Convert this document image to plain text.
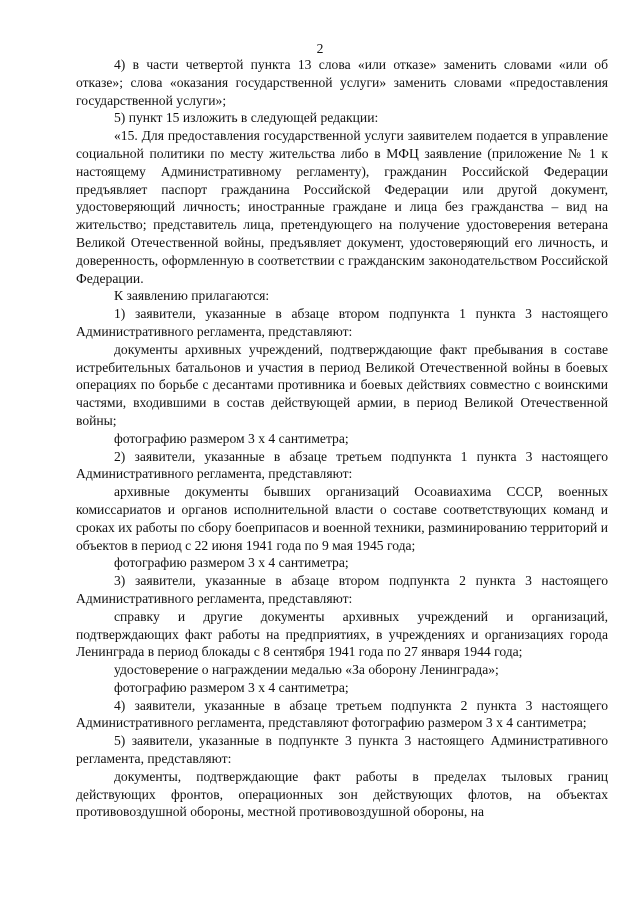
2

4) в части четвертой пункта 13 слова «или отказе» заменить словами «или об отказе»; слова «оказания государственной услуги» заменить словами «предоставления государственной услуги»;

5) пункт 15 изложить в следующей редакции:

«15. Для предоставления государственной услуги заявителем подается в управление социальной политики по месту жительства либо в МФЦ заявление (приложение № 1 к настоящему Административному регламенту), гражданин Российской Федерации предъявляет паспорт гражданина Российской Федерации или другой документ, удостоверяющий личность; иностранные граждане и лица без гражданства – вид на жительство; представитель лица, претендующего на получение удостоверения ветерана Великой Отечественной войны, предъявляет документ, удостоверяющий его личность, и доверенность, оформленную в соответствии с гражданским законодательством Российской Федерации.

К заявлению прилагаются:

1) заявители, указанные в абзаце втором подпункта 1 пункта 3 настоящего Административного регламента, представляют:

документы архивных учреждений, подтверждающие факт пребывания в составе истребительных батальонов и участия в период Великой Отечественной войны в боевых операциях по борьбе с десантами противника и боевых действиях совместно с воинскими частями, входившими в состав действующей армии, в период Великой Отечественной войны;

фотографию размером 3 х 4 сантиметра;

2) заявители, указанные в абзаце третьем подпункта 1 пункта 3 настоящего Административного регламента, представляют:

архивные документы бывших организаций Осоавиахима СССР, военных комиссариатов и органов исполнительной власти о составе соответствующих команд и сроках их работы по сбору боеприпасов и военной техники, разминированию территорий и объектов в период с 22 июня 1941 года по 9 мая 1945 года;

фотографию размером 3 х 4 сантиметра;

3) заявители, указанные в абзаце втором подпункта 2 пункта 3 настоящего Административного регламента, представляют:

справку и другие документы архивных учреждений и организаций, подтверждающих факт работы на предприятиях, в учреждениях и организациях города Ленинграда в период блокады с 8 сентября 1941 года по 27 января 1944 года;

удостоверение о награждении медалью «За оборону Ленинграда»;

фотографию размером 3 х 4 сантиметра;

4) заявители, указанные в абзаце третьем подпункта 2 пункта 3 настоящего Административного регламента, представляют фотографию размером 3 х 4 сантиметра;

5) заявители, указанные в подпункте 3 пункта 3 настоящего Административного регламента, представляют:

документы, подтверждающие факт работы в пределах тыловых границ действующих фронтов, операционных зон действующих флотов, на объектах противовоздушной обороны, местной противовоздушной обороны, на
